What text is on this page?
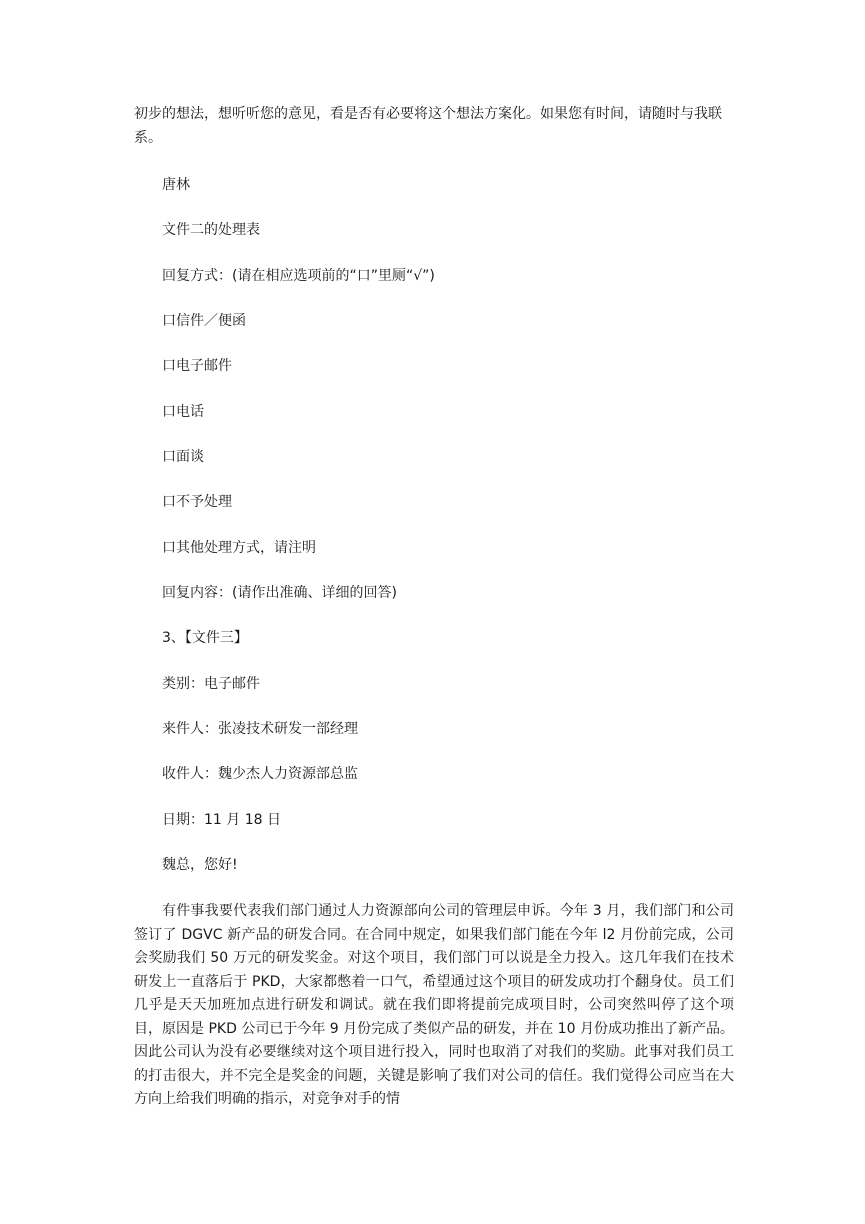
初步的想法，想听听您的意见，看是否有必要将这个想法方案化。如果您有时间，请随时与我联系。

唐林

文件二的处理表

回复方式：(请在相应选项前的“口”里厕“√”)

口信件／便函

口电子邮件

口电话

口面谈

口不予处理

口其他处理方式，请注明

回复内容：(请作出准确、详细的回答)

3、【文件三】

类别：电子邮件

来件人：张凌技术研发一部经理

收件人：魏少杰人力资源部总监

日期：11 月 18 日

魏总，您好!

有件事我要代表我们部门通过人力资源部向公司的管理层申诉。今年 3 月，我们部门和公司签订了 DGVC 新产品的研发合同。在合同中规定，如果我们部门能在今年 l2 月份前完成，公司会奖励我们 50 万元的研发奖金。对这个项目，我们部门可以说是全力投入。这几年我们在技术研发上一直落后于 PKD，大家都憋着一口气，希望通过这个项目的研发成功打个翻身仗。员工们几乎是天天加班加点进行研发和调试。就在我们即将提前完成项目时，公司突然叫停了这个项目，原因是 PKD 公司已于今年 9 月份完成了类似产品的研发，并在 10 月份成功推出了新产品。因此公司认为没有必要继续对这个项目进行投入，同时也取消了对我们的奖励。此事对我们员工的打击很大，并不完全是奖金的问题，关键是影响了我们对公司的信任。我们觉得公司应当在大方向上给我们明确的指示，对竞争对手的情
